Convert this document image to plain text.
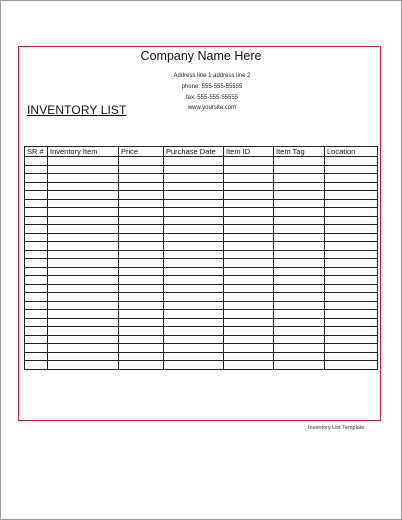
Company Name Here
Address line 1 address line 2
phone: 555-555-55555
fax: 555-555-55555
www.yoursite.com
INVENTORY LIST
SR #	Inventory Item	Price	Purchase Date	Item ID	Item Tag	Location

Inventory List Template
